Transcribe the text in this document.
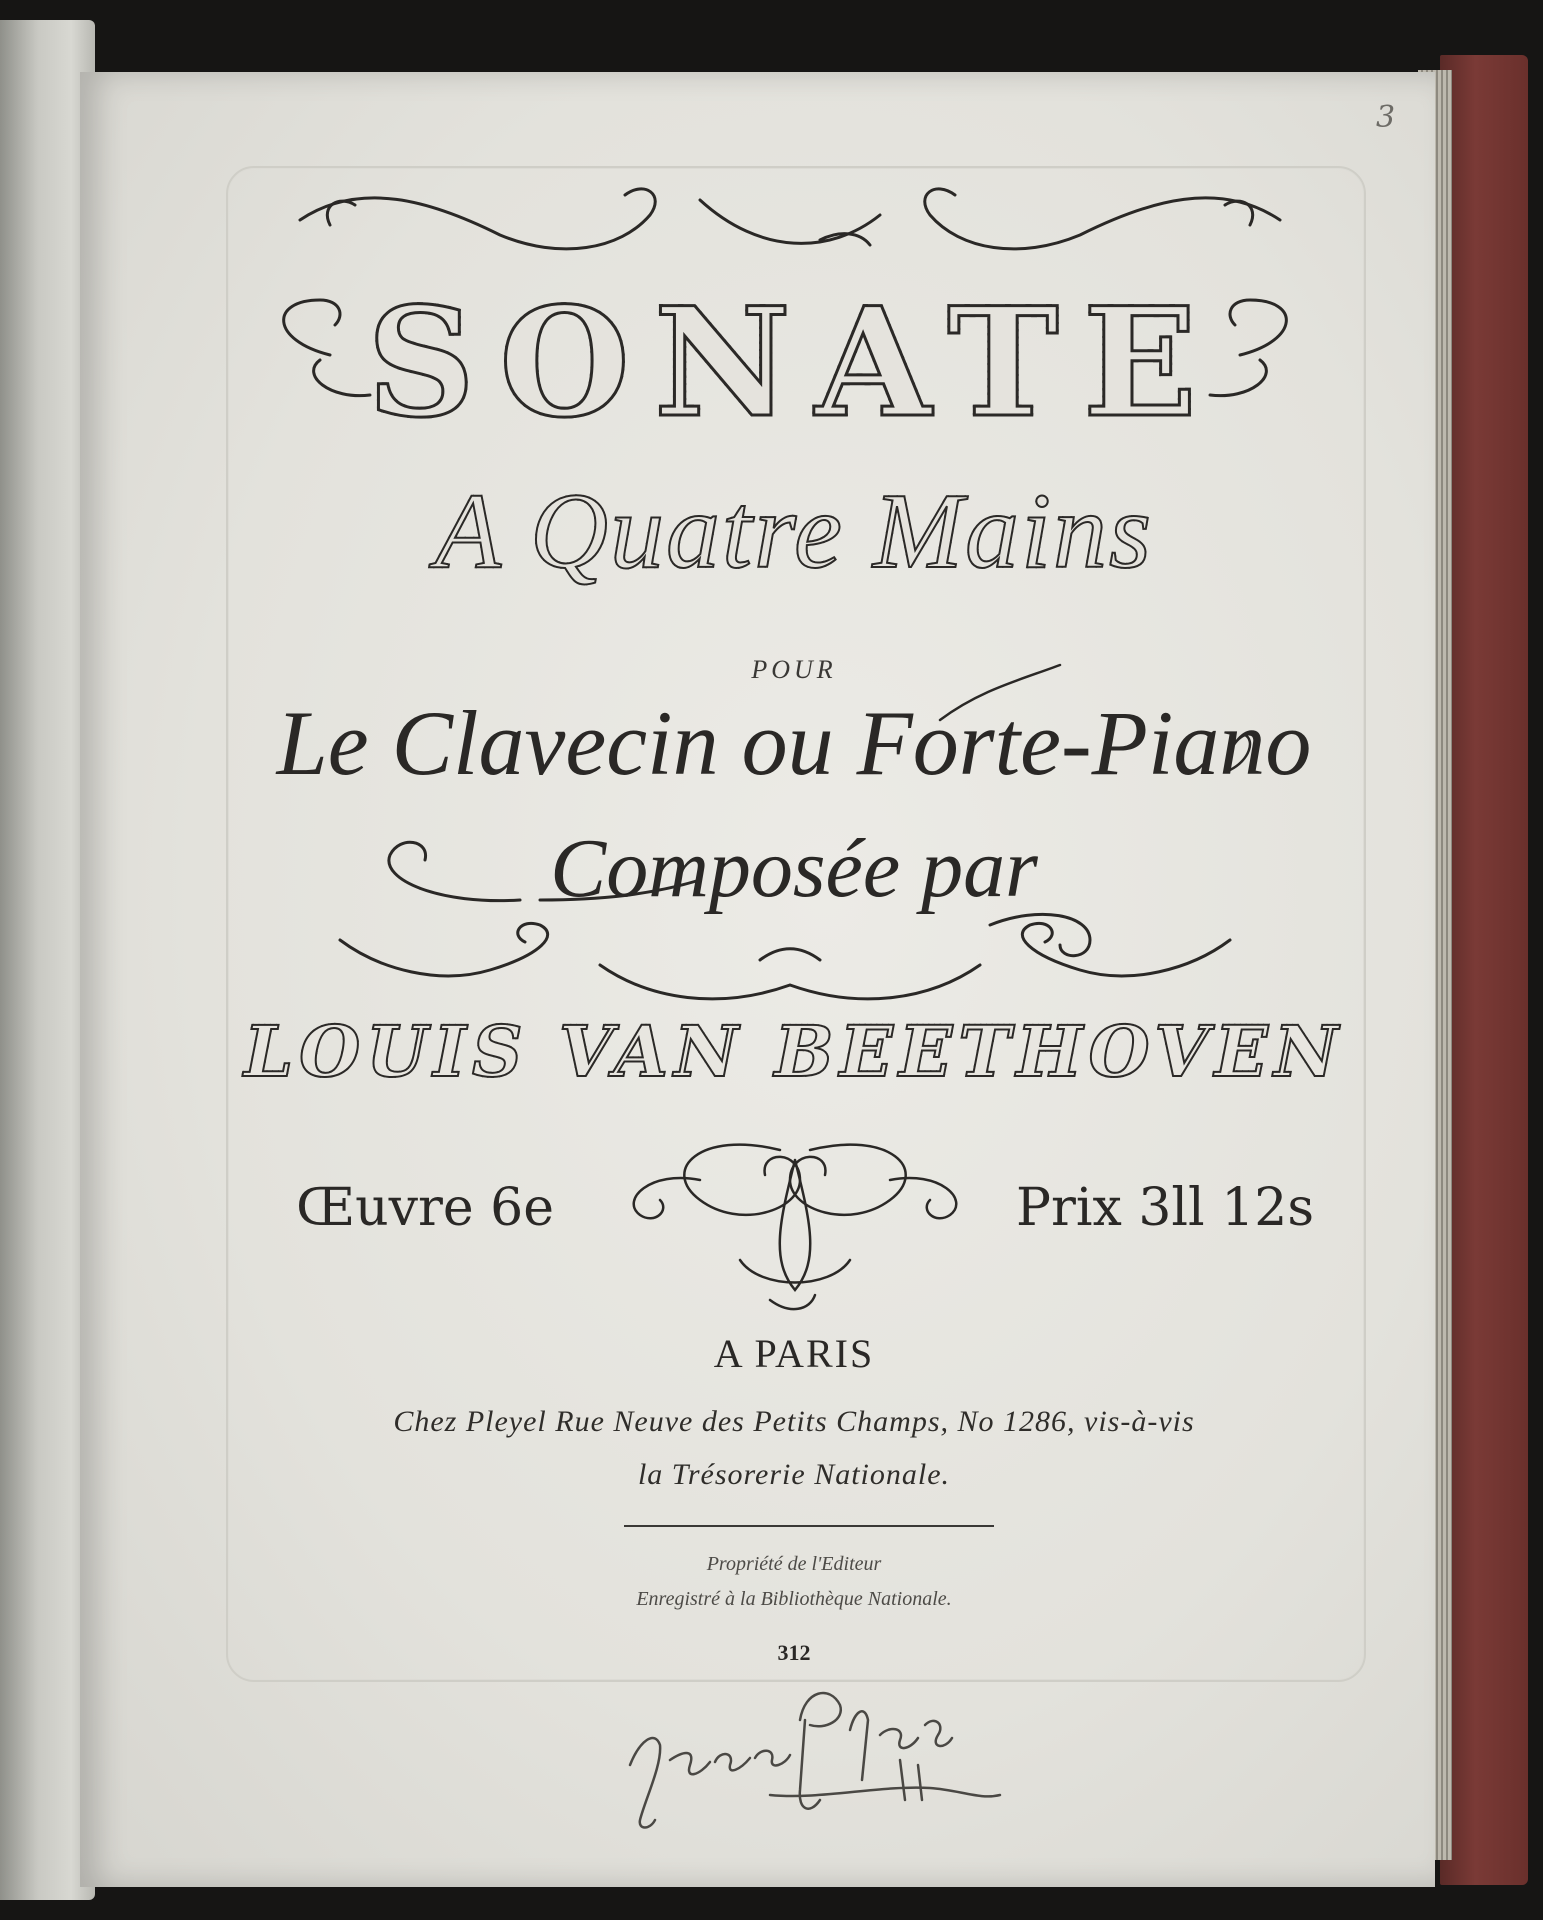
3
SONATE
A Quatre Mains
POUR
Le Clavecin ou Forte-Piano
Composée par
LOUIS VAN BEETHOVEN
Œuvre 6e	Prix 3ll 12s
A PARIS
Chez Pleyel Rue Neuve des Petits Champs, No 1286, vis-à-vis
la Trésorerie Nationale.
Propriété de l'Editeur
Enregistré à la Bibliothèque Nationale.
312
